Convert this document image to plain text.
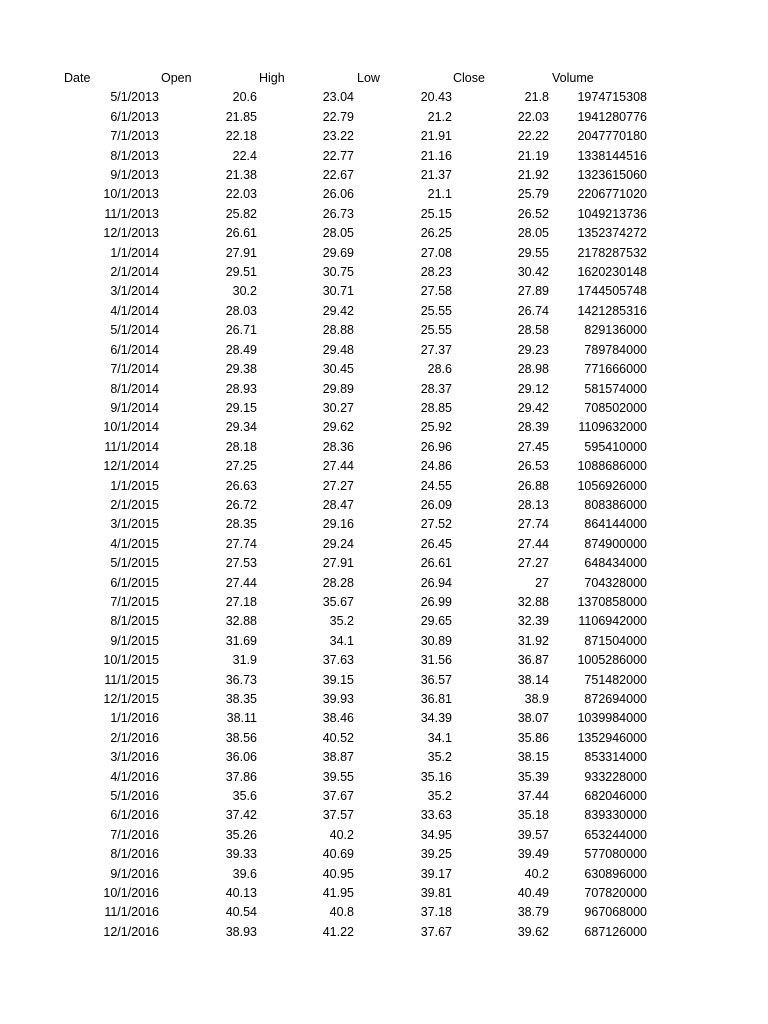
Date	Open	High	Low	Close	Volume
5/1/2013	20.6	23.04	20.43	21.8 1974715308
6/1/2013	21.85	22.79	21.2	22.03 1941280776
7/1/2013	22.18	23.22	21.91	22.22 2047770180
8/1/2013	22.4	22.77	21.16	21.19 1338144516
9/1/2013	21.38	22.67	21.37	21.92 1323615060
10/1/2013	22.03	26.06	21.1	25.79 2206771020
11/1/2013	25.82	26.73	25.15	26.52 1049213736
12/1/2013	26.61	28.05	26.25	28.05 1352374272
1/1/2014	27.91	29.69	27.08	29.55 2178287532
2/1/2014	29.51	30.75	28.23	30.42 1620230148
3/1/2014	30.2	30.71	27.58	27.89 1744505748
4/1/2014	28.03	29.42	25.55	26.74 1421285316
5/1/2014	26.71	28.88	25.55	28.58	829136000
6/1/2014	28.49	29.48	27.37	29.23	789784000
7/1/2014	29.38	30.45	28.6	28.98	771666000
8/1/2014	28.93	29.89	28.37	29.12	581574000
9/1/2014	29.15	30.27	28.85	29.42	708502000
10/1/2014	29.34	29.62	25.92	28.39 1109632000
11/1/2014	28.18	28.36	26.96	27.45	595410000
12/1/2014	27.25	27.44	24.86	26.53 1088686000
1/1/2015	26.63	27.27	24.55	26.88 1056926000
2/1/2015	26.72	28.47	26.09	28.13	808386000
3/1/2015	28.35	29.16	27.52	27.74	864144000
4/1/2015	27.74	29.24	26.45	27.44	874900000
5/1/2015	27.53	27.91	26.61	27.27	648434000
6/1/2015	27.44	28.28	26.94	27	704328000
7/1/2015	27.18	35.67	26.99	32.88 1370858000
8/1/2015	32.88	35.2	29.65	32.39 1106942000
9/1/2015	31.69	34.1	30.89	31.92	871504000
10/1/2015	31.9	37.63	31.56	36.87 1005286000
11/1/2015	36.73	39.15	36.57	38.14	751482000
12/1/2015	38.35	39.93	36.81	38.9	872694000
1/1/2016	38.11	38.46	34.39	38.07 1039984000
2/1/2016	38.56	40.52	34.1	35.86 1352946000
3/1/2016	36.06	38.87	35.2	38.15	853314000
4/1/2016	37.86	39.55	35.16	35.39	933228000
5/1/2016	35.6	37.67	35.2	37.44	682046000
6/1/2016	37.42	37.57	33.63	35.18	839330000
7/1/2016	35.26	40.2	34.95	39.57	653244000
8/1/2016	39.33	40.69	39.25	39.49	577080000
9/1/2016	39.6	40.95	39.17	40.2	630896000
10/1/2016	40.13	41.95	39.81	40.49	707820000
11/1/2016	40.54	40.8	37.18	38.79	967068000
12/1/2016	38.93	41.22	37.67	39.62	687126000
